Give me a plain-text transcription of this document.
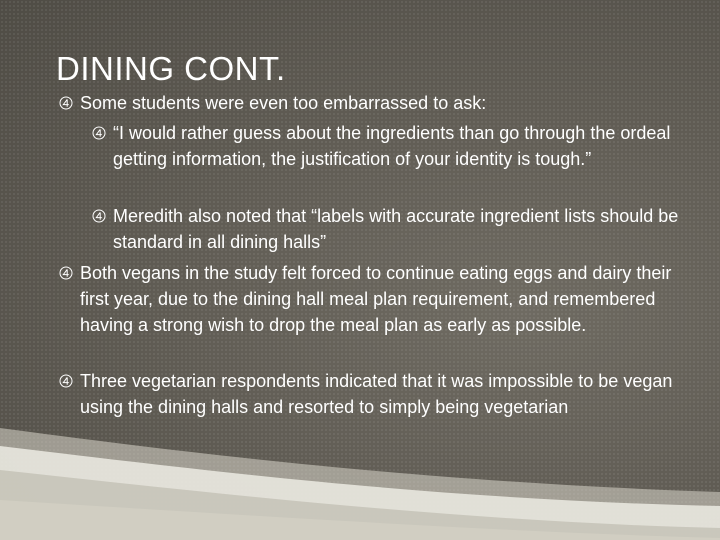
DINING CONT.
Some students were even too embarrassed to ask:
“I would rather guess about the ingredients than go through the ordeal getting information, the justification of your identity is tough.”
Meredith also noted that “labels with accurate ingredient lists should be standard in all dining halls”
Both vegans in the study felt forced to continue eating eggs and dairy their first year, due to the dining hall meal plan requirement, and remembered having a strong wish to drop the meal plan as early as possible.
Three vegetarian respondents indicated that it was impossible to be vegan using the dining halls and resorted to simply being vegetarian
